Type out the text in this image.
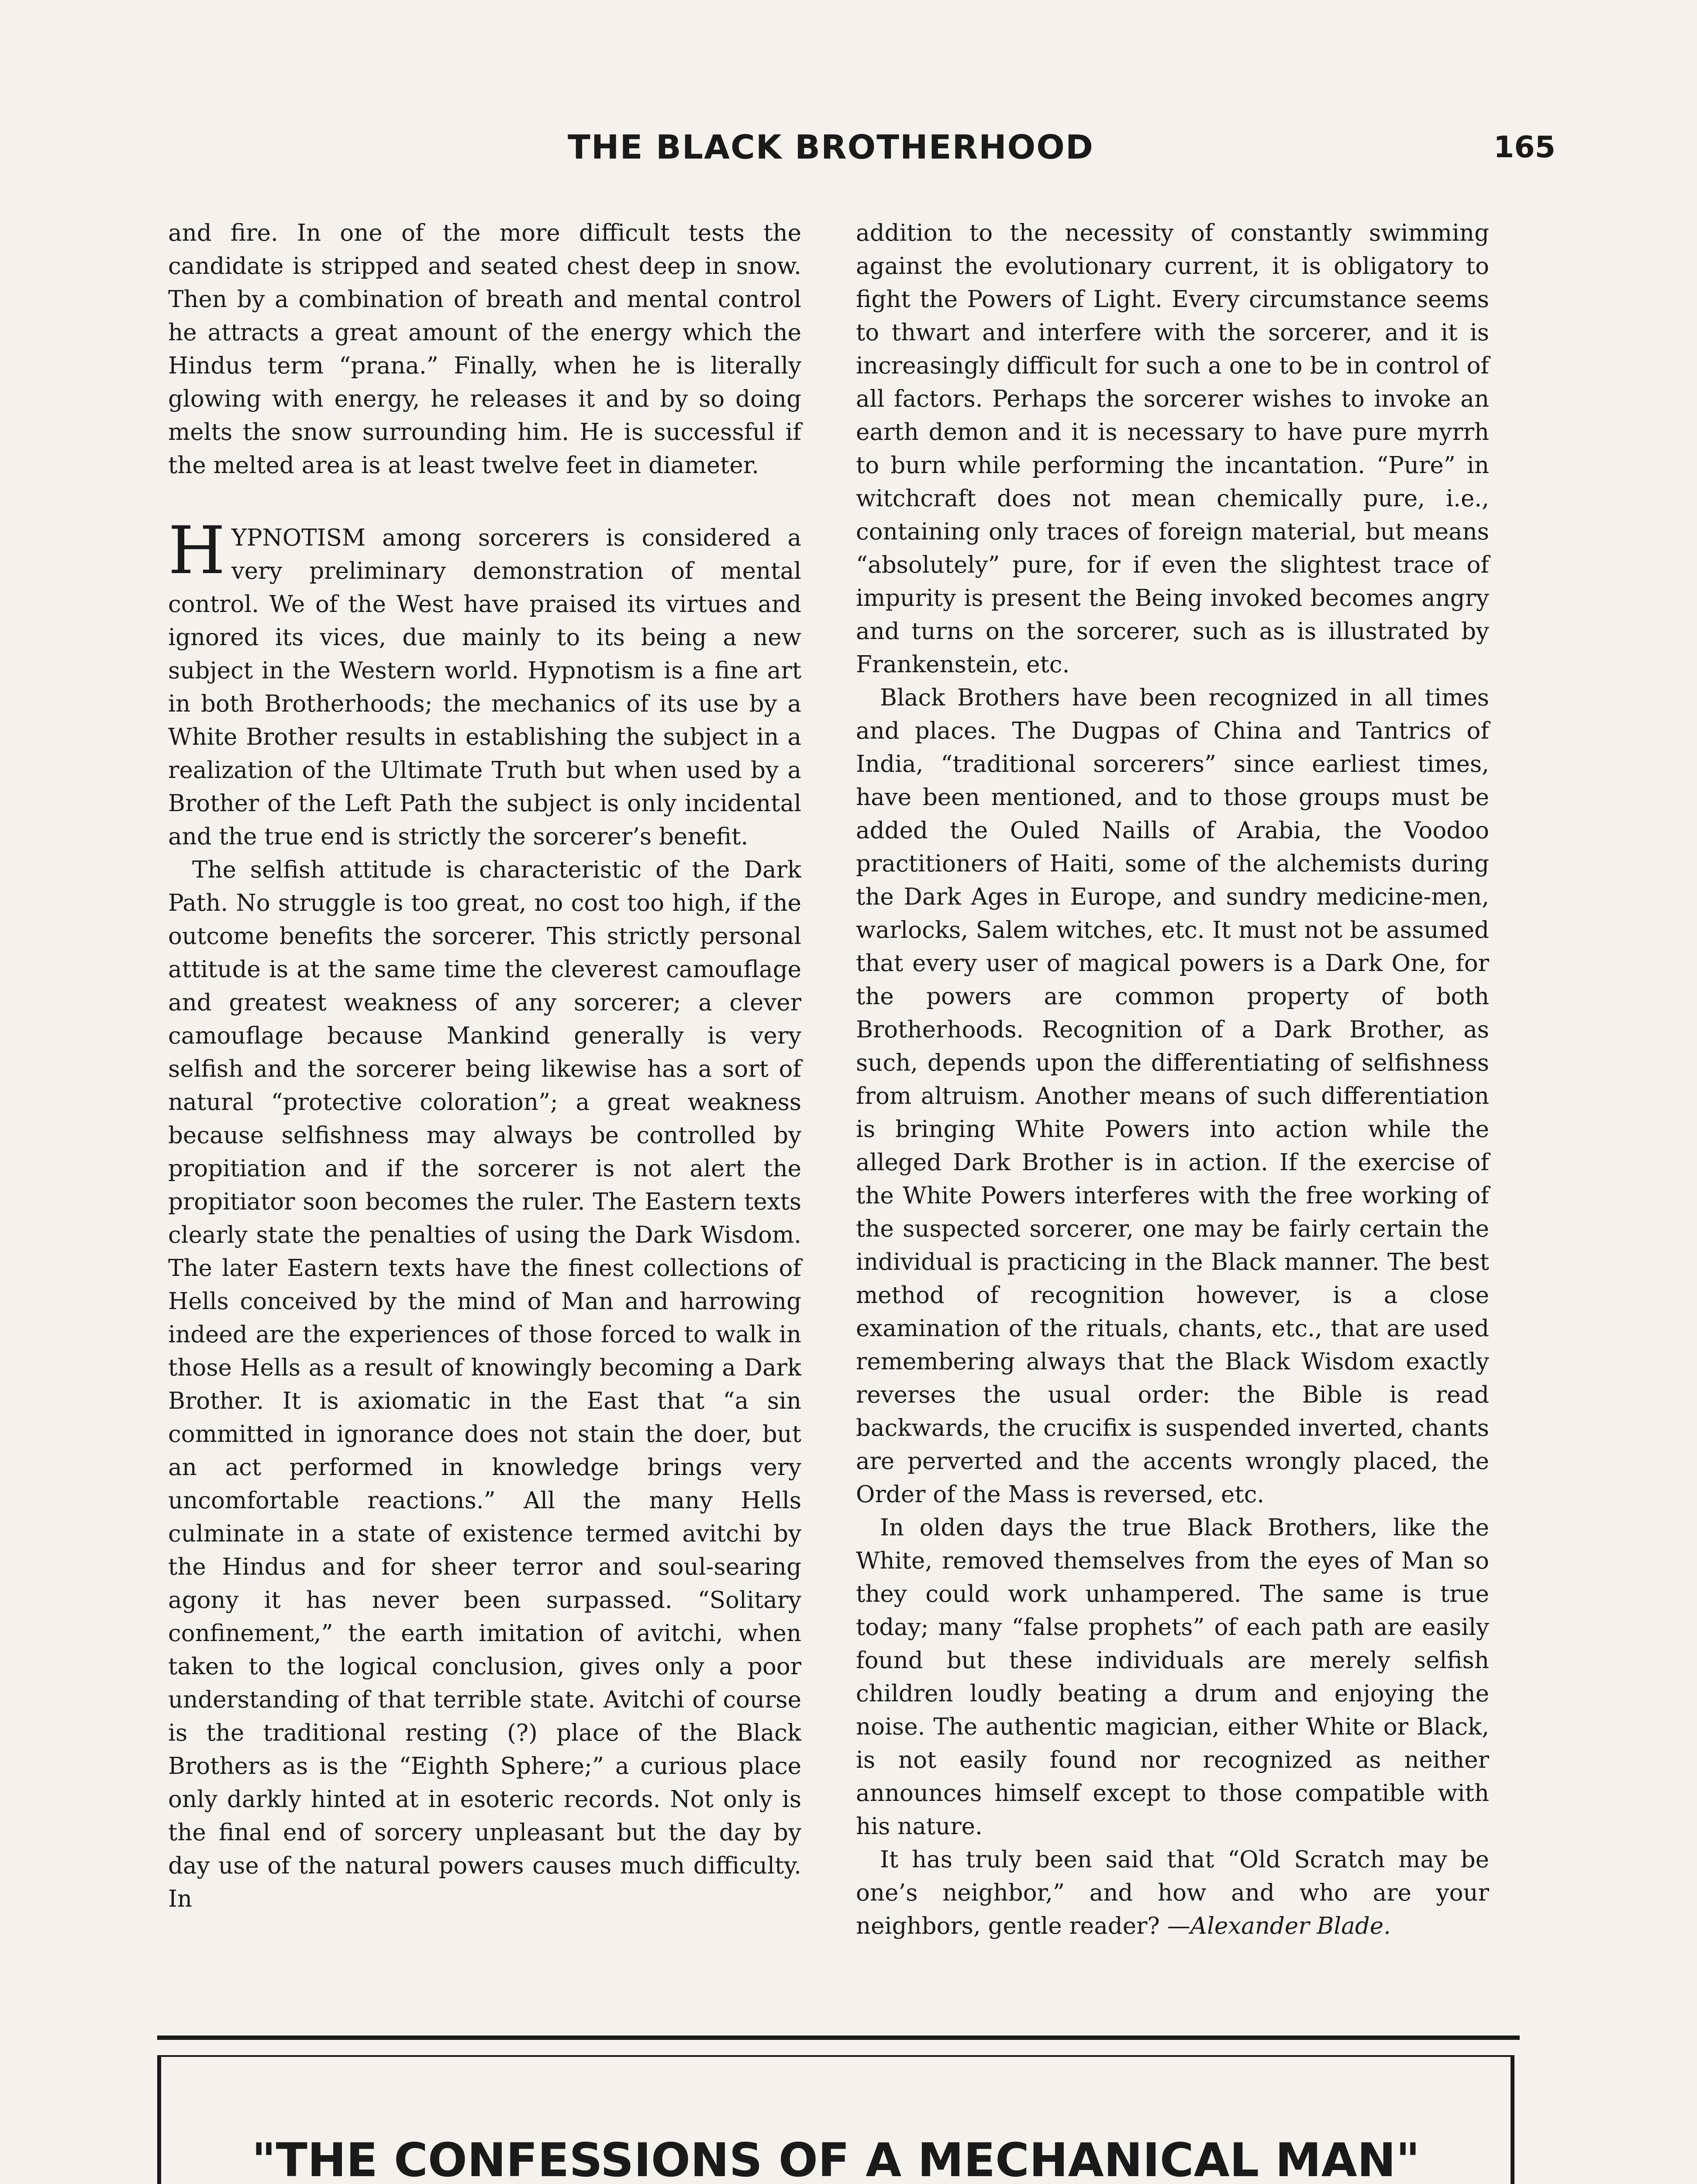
THE BLACK BROTHERHOOD	165

and fire. In one of the more difficult tests the candidate is stripped and seated chest deep in snow. Then by a combination of breath and mental control he attracts a great amount of the energy which the Hindus term “prana.” Finally, when he is literally glowing with energy, he releases it and by so doing melts the snow surrounding him. He is successful if the melted area is at least twelve feet in diameter.

HYPNOTISM among sorcerers is considered a very preliminary demonstration of mental control. We of the West have praised its virtues and ignored its vices, due mainly to its being a new subject in the Western world. Hypnotism is a fine art in both Brotherhoods; the mechanics of its use by a White Brother results in establishing the subject in a realization of the Ultimate Truth but when used by a Brother of the Left Path the subject is only incidental and the true end is strictly the sorcerer’s benefit.

The selfish attitude is characteristic of the Dark Path. No struggle is too great, no cost too high, if the outcome benefits the sorcerer. This strictly personal attitude is at the same time the cleverest camouflage and greatest weakness of any sorcerer; a clever camouflage because Mankind generally is very selfish and the sorcerer being likewise has a sort of natural “protective coloration”; a great weakness because selfishness may always be controlled by propitiation and if the sorcerer is not alert the propitiator soon becomes the ruler. The Eastern texts clearly state the penalties of using the Dark Wisdom. The later Eastern texts have the finest collections of Hells conceived by the mind of Man and harrowing indeed are the experiences of those forced to walk in those Hells as a result of knowingly becoming a Dark Brother. It is axiomatic in the East that “a sin committed in ignorance does not stain the doer, but an act performed in knowledge brings very uncomfortable reactions.” All the many Hells culminate in a state of existence termed avitchi by the Hindus and for sheer terror and soul-searing agony it has never been surpassed. “Solitary confinement,” the earth imitation of avitchi, when taken to the logical conclusion, gives only a poor understanding of that terrible state. Avitchi of course is the traditional resting (?) place of the Black Brothers as is the “Eighth Sphere;” a curious place only darkly hinted at in esoteric records. Not only is the final end of sorcery unpleasant but the day by day use of the natural powers causes much difficulty. In

addition to the necessity of constantly swimming against the evolutionary current, it is obligatory to fight the Powers of Light. Every circumstance seems to thwart and interfere with the sorcerer, and it is increasingly difficult for such a one to be in control of all factors. Perhaps the sorcerer wishes to invoke an earth demon and it is necessary to have pure myrrh to burn while performing the incantation. “Pure” in witchcraft does not mean chemically pure, i.e., containing only traces of foreign material, but means “absolutely” pure, for if even the slightest trace of impurity is present the Being invoked becomes angry and turns on the sorcerer, such as is illustrated by Frankenstein, etc.

Black Brothers have been recognized in all times and places. The Dugpas of China and Tantrics of India, “traditional sorcerers” since earliest times, have been mentioned, and to those groups must be added the Ouled Naills of Arabia, the Voodoo practitioners of Haiti, some of the alchemists during the Dark Ages in Europe, and sundry medicine-men, warlocks, Salem witches, etc. It must not be assumed that every user of magical powers is a Dark One, for the powers are common property of both Brotherhoods. Recognition of a Dark Brother, as such, depends upon the differentiating of selfishness from altruism. Another means of such differentiation is bringing White Powers into action while the alleged Dark Brother is in action. If the exercise of the White Powers interferes with the free working of the suspected sorcerer, one may be fairly certain the individual is practicing in the Black manner. The best method of recognition however, is a close examination of the rituals, chants, etc., that are used remembering always that the Black Wisdom exactly reverses the usual order: the Bible is read backwards, the crucifix is suspended inverted, chants are perverted and the accents wrongly placed, the Order of the Mass is reversed, etc.

In olden days the true Black Brothers, like the White, removed themselves from the eyes of Man so they could work unhampered. The same is true today; many “false prophets” of each path are easily found but these individuals are merely selfish children loudly beating a drum and enjoying the noise. The authentic magician, either White or Black, is not easily found nor recognized as neither announces himself except to those compatible with his nature.

It has truly been said that “Old Scratch may be one’s neighbor,” and how and who are your neighbors, gentle reader? —Alexander Blade.

"THE CONFESSIONS OF A MECHANICAL MAN"
